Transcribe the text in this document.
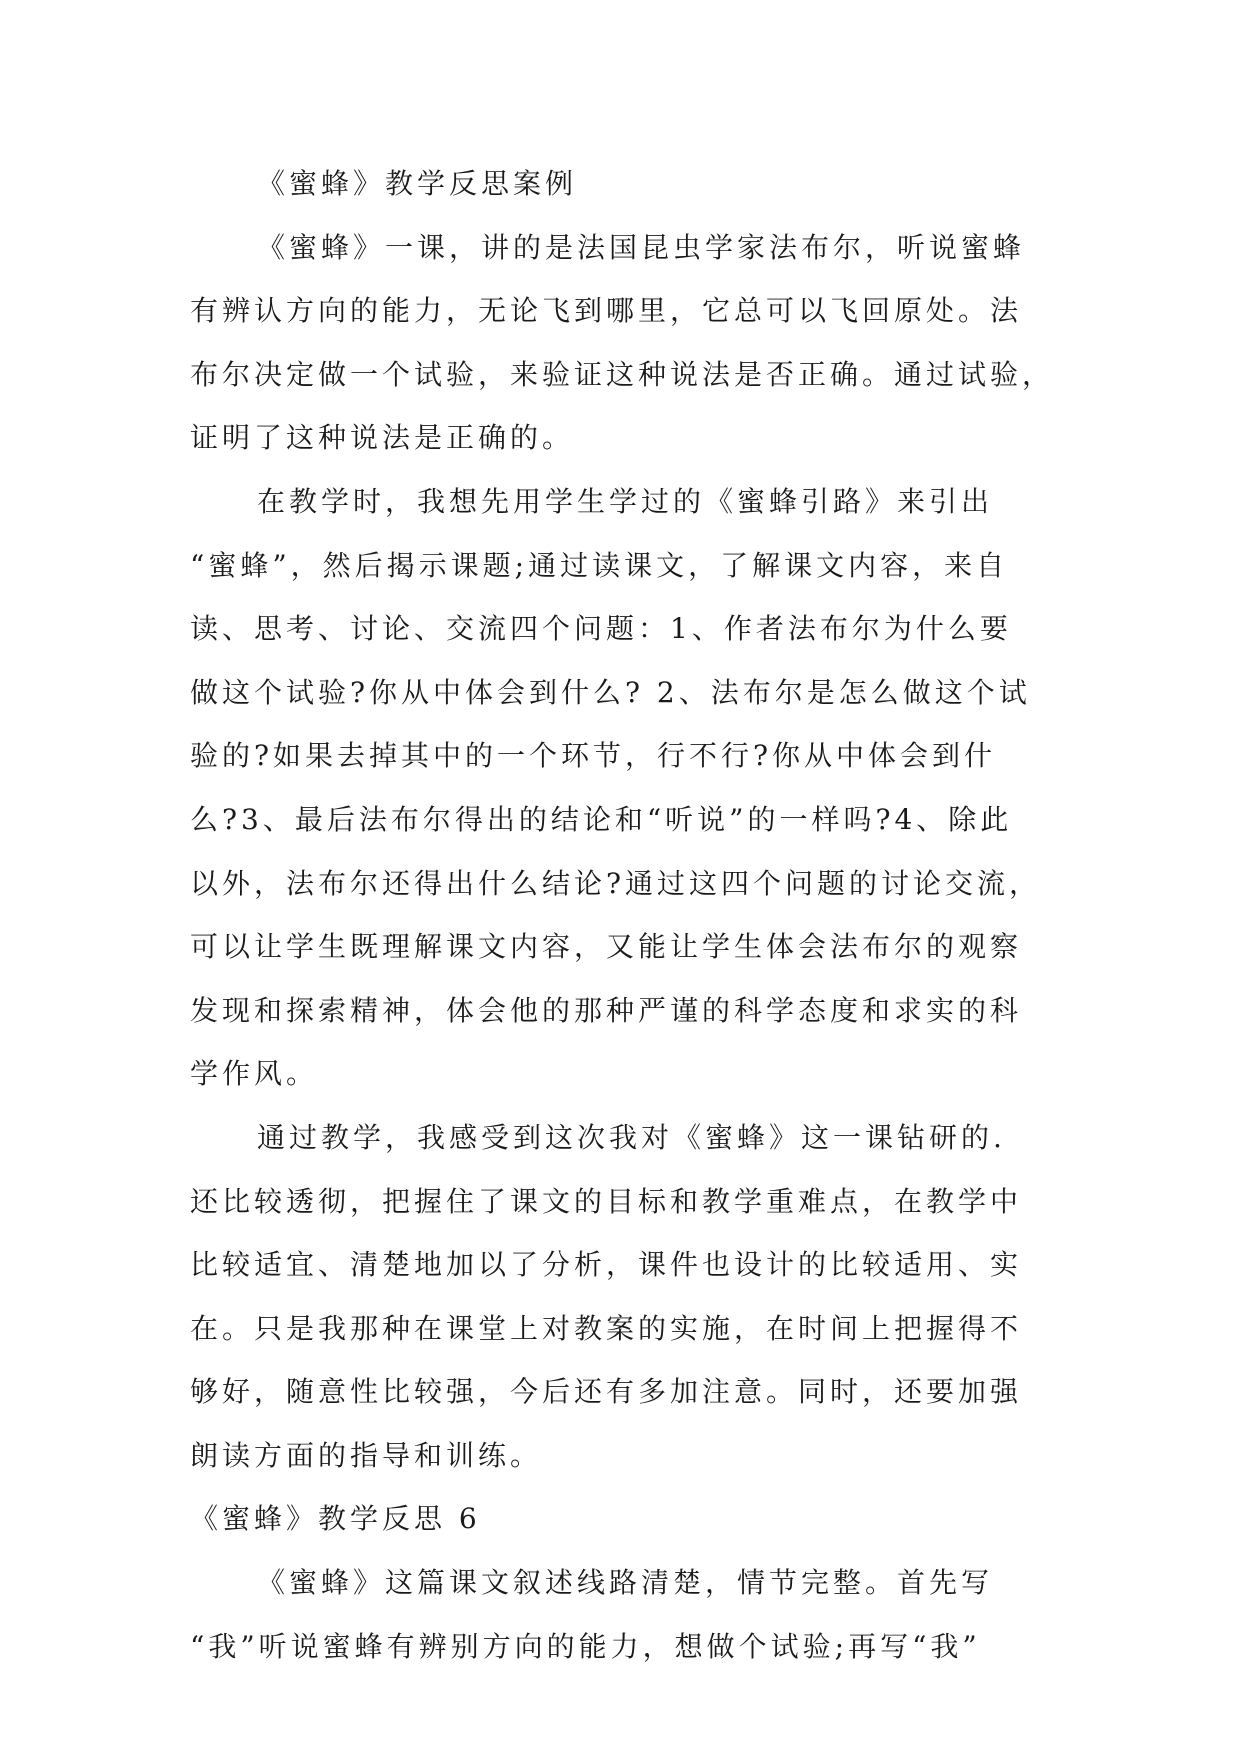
《蜜蜂》教学反思案例
《蜜蜂》一课，讲的是法国昆虫学家法布尔，听说蜜蜂
有辨认方向的能力，无论飞到哪里，它总可以飞回原处。法
布尔决定做一个试验，来验证这种说法是否正确。通过试验，
证明了这种说法是正确的。
在教学时，我想先用学生学过的《蜜蜂引路》来引出
“蜜蜂”，然后揭示课题;通过读课文，了解课文内容，来自
读、思考、讨论、交流四个问题：1、作者法布尔为什么要
做这个试验?你从中体会到什么? 2、法布尔是怎么做这个试
验的?如果去掉其中的一个环节，行不行?你从中体会到什
么?3、最后法布尔得出的结论和“听说”的一样吗?4、除此
以外，法布尔还得出什么结论?通过这四个问题的讨论交流，
可以让学生既理解课文内容，又能让学生体会法布尔的观察
发现和探索精神，体会他的那种严谨的科学态度和求实的科
学作风。
通过教学，我感受到这次我对《蜜蜂》这一课钻研的.
还比较透彻，把握住了课文的目标和教学重难点，在教学中
比较适宜、清楚地加以了分析，课件也设计的比较适用、实
在。只是我那种在课堂上对教案的实施，在时间上把握得不
够好，随意性比较强，今后还有多加注意。同时，还要加强
朗读方面的指导和训练。
《蜜蜂》教学反思 6
《蜜蜂》这篇课文叙述线路清楚，情节完整。首先写
“我”听说蜜蜂有辨别方向的能力，想做个试验;再写“我”
